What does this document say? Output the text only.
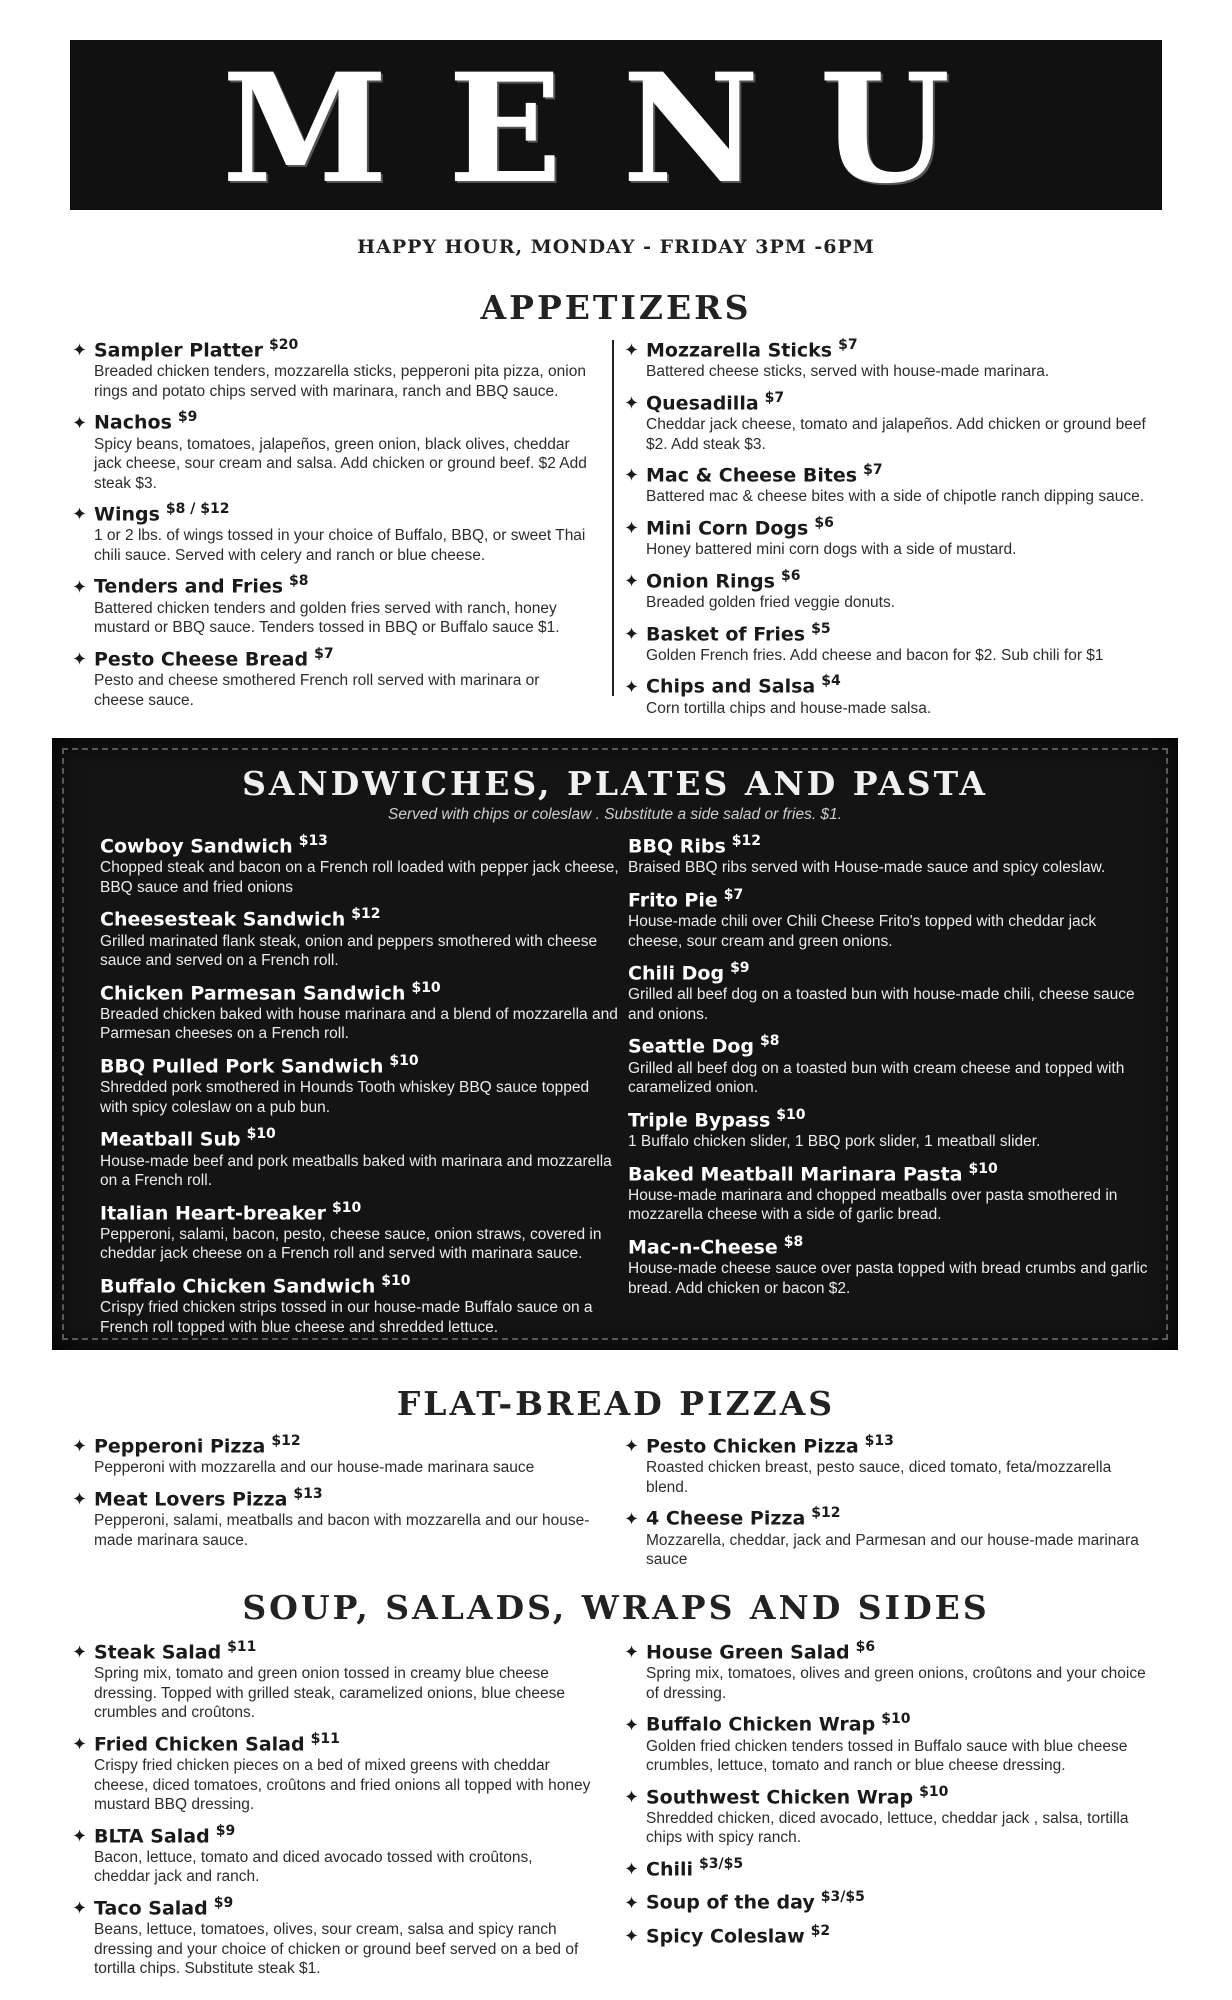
MENU
HAPPY HOUR, MONDAY - FRIDAY 3PM -6PM
APPETIZERS
✦ Sampler Platter $^{\$20}$
Breaded chicken tenders, mozzarella sticks, pepperoni pita pizza, onion rings and potato chips served with marinara, ranch and BBQ sauce.
✦ Nachos $^{\$9}$
Spicy beans, tomatoes, jalapeños, green onion, black olives, cheddar jack cheese, sour cream and salsa. Add chicken or ground beef. $2 Add steak $3.
✦ Wings $^{\$8 / \$12}$
1 or 2 lbs. of wings tossed in your choice of Buffalo, BBQ, or sweet Thai chili sauce. Served with celery and ranch or blue cheese.
✦ Tenders and Fries $^{\$8}$
Battered chicken tenders and golden fries served with ranch, honey mustard or BBQ sauce. Tenders tossed in BBQ or Buffalo sauce $1.
✦ Pesto Cheese Bread $^{\$7}$
Pesto and cheese smothered French roll served with marinara or cheese sauce.
✦ Mozzarella Sticks $^{\$7}$
Battered cheese sticks, served with house-made marinara.
✦ Quesadilla $^{\$7}$
Cheddar jack cheese, tomato and jalapeños. Add chicken or ground beef $2. Add steak $3.
✦ Mac & Cheese Bites $^{\$7}$
Battered mac & cheese bites with a side of chipotle ranch dipping sauce.
✦ Mini Corn Dogs $^{\$6}$
Honey battered mini corn dogs with a side of mustard.
✦ Onion Rings $^{\$6}$
Breaded golden fried veggie donuts.
✦ Basket of Fries $^{\$5}$
Golden French fries. Add cheese and bacon for $2. Sub chili for $1
✦ Chips and Salsa $^{\$4}$
Corn tortilla chips and house-made salsa.
SANDWICHES, PLATES AND PASTA
Served with chips or coleslaw . Substitute a side salad or fries. $1.
Cowboy Sandwich $^{\$13}$
Chopped steak and bacon on a French roll loaded with pepper jack cheese, BBQ sauce and fried onions
Cheesesteak Sandwich $^{\$12}$
Grilled marinated flank steak, onion and peppers smothered with cheese sauce and served on a French roll.
Chicken Parmesan Sandwich $^{\$10}$
Breaded chicken baked with house marinara and a blend of mozzarella and Parmesan cheeses on a French roll.
BBQ Pulled Pork Sandwich $^{\$10}$
Shredded pork smothered in Hounds Tooth whiskey BBQ sauce topped with spicy coleslaw on a pub bun.
Meatball Sub $^{\$10}$
House-made beef and pork meatballs baked with marinara and mozzarella on a French roll.
Italian Heart-breaker $^{\$10}$
Pepperoni, salami, bacon, pesto, cheese sauce, onion straws, covered in cheddar jack cheese on a French roll and served with marinara sauce.
Buffalo Chicken Sandwich $^{\$10}$
Crispy fried chicken strips tossed in our house-made Buffalo sauce on a French roll topped with blue cheese and shredded lettuce.
BBQ Ribs $^{\$12}$
Braised BBQ ribs served with House-made sauce and spicy coleslaw.
Frito Pie $^{\$7}$
House-made chili over Chili Cheese Frito's topped with cheddar jack cheese, sour cream and green onions.
Chili Dog $^{\$9}$
Grilled all beef dog on a toasted bun with house-made chili, cheese sauce and onions.
Seattle Dog $^{\$8}$
Grilled all beef dog on a toasted bun with cream cheese and topped with caramelized onion.
Triple Bypass $^{\$10}$
1 Buffalo chicken slider, 1 BBQ pork slider, 1 meatball slider.
Baked Meatball Marinara Pasta $^{\$10}$
House-made marinara and chopped meatballs over pasta smothered in mozzarella cheese with a side of garlic bread.
Mac-n-Cheese $^{\$8}$
House-made cheese sauce over pasta topped with bread crumbs and garlic bread. Add chicken or bacon $2.
FLAT-BREAD PIZZAS
✦ Pepperoni Pizza $^{\$12}$
Pepperoni with mozzarella and our house-made marinara sauce
✦ Meat Lovers Pizza $^{\$13}$
Pepperoni, salami, meatballs and bacon with mozzarella and our house-made marinara sauce.
✦ Pesto Chicken Pizza $^{\$13}$
Roasted chicken breast, pesto sauce, diced tomato, feta/mozzarella blend.
✦ 4 Cheese Pizza $^{\$12}$
Mozzarella, cheddar, jack and Parmesan and our house-made marinara sauce
SOUP, SALADS, WRAPS AND SIDES
✦ Steak Salad $^{\$11}$
Spring mix, tomato and green onion tossed in creamy blue cheese dressing. Topped with grilled steak, caramelized onions, blue cheese crumbles and croûtons.
✦ Fried Chicken Salad $^{\$11}$
Crispy fried chicken pieces on a bed of mixed greens with cheddar cheese, diced tomatoes, croûtons and fried onions all topped with honey mustard BBQ dressing.
✦ BLTA Salad $^{\$9}$
Bacon, lettuce, tomato and diced avocado tossed with croûtons, cheddar jack and ranch.
✦ Taco Salad $^{\$9}$
Beans, lettuce, tomatoes, olives, sour cream, salsa and spicy ranch dressing and your choice of chicken or ground beef served on a bed of tortilla chips. Substitute steak $1.
✦ House Green Salad $^{\$6}$
Spring mix, tomatoes, olives and green onions, croûtons and your choice of dressing.
✦ Buffalo Chicken Wrap $^{\$10}$
Golden fried chicken tenders tossed in Buffalo sauce with blue cheese crumbles, lettuce, tomato and ranch or blue cheese dressing.
✦ Southwest Chicken Wrap $^{\$10}$
Shredded chicken, diced avocado, lettuce, cheddar jack , salsa, tortilla chips with spicy ranch.
✦ Chili $^{\$3/\$5}$
✦ Soup of the day $^{\$3/\$5}$
✦ Spicy Coleslaw $^{\$2}$
